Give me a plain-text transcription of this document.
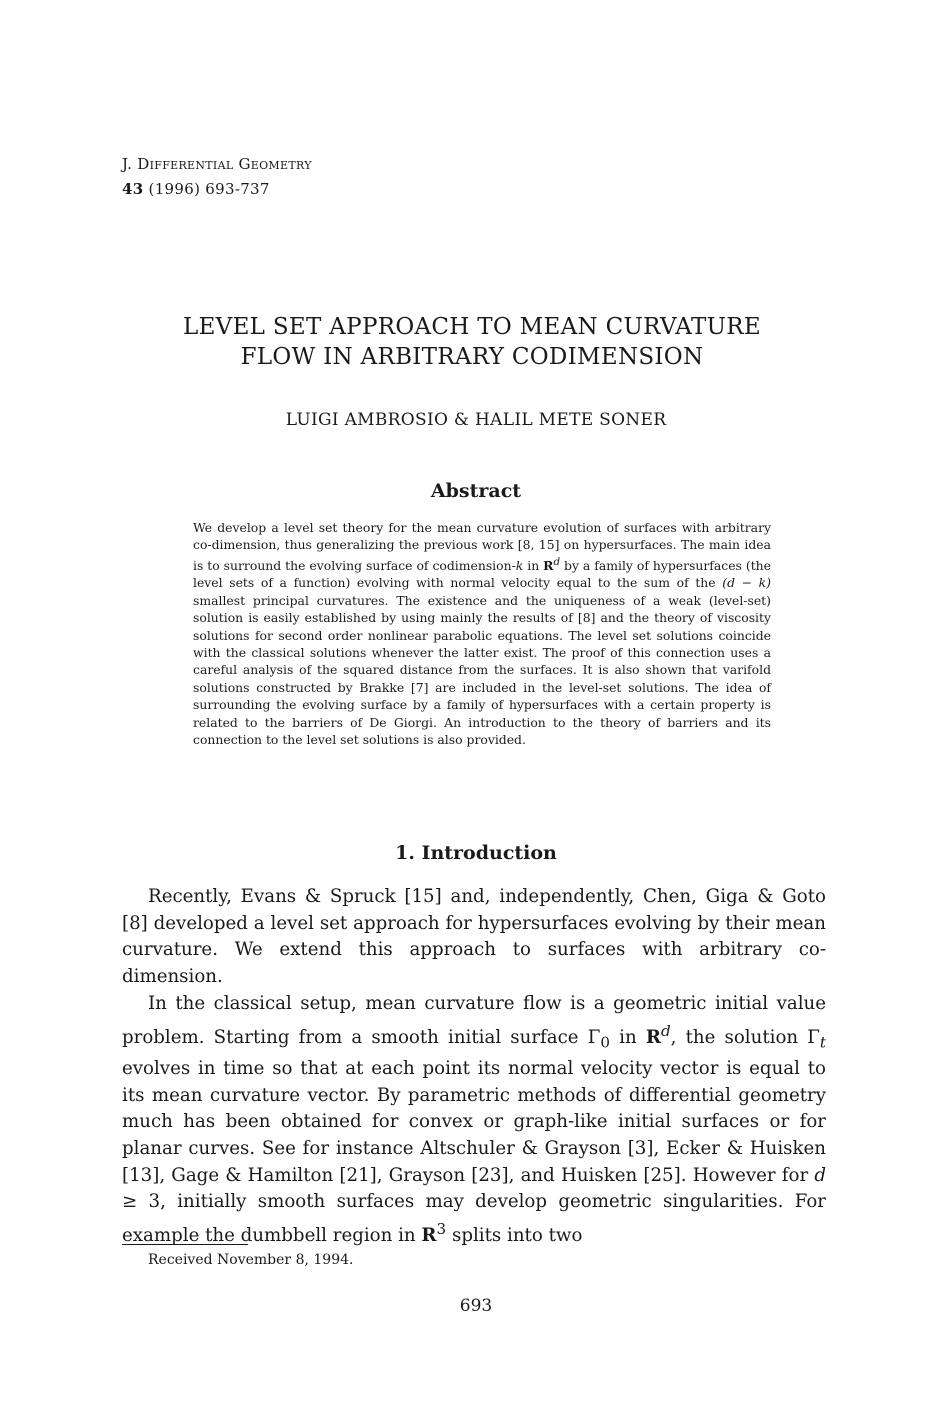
J. Differential Geometry
43 (1996) 693-737
LEVEL SET APPROACH TO MEAN CURVATURE
FLOW IN ARBITRARY CODIMENSION
LUIGI AMBROSIO & HALIL METE SONER
Abstract

We develop a level set theory for the mean curvature evolution of surfaces with arbitrary co-dimension, thus generalizing the previous work [8, 15] on hypersurfaces. The main idea is to surround the evolving surface of codimension-k in $R^d$ by a family of hypersurfaces (the level sets of a function) evolving with normal velocity equal to the sum of the (d − k) smallest principal curvatures. The existence and the uniqueness of a weak (level-set) solution is easily established by using mainly the results of [8] and the theory of viscosity solutions for second order nonlinear parabolic equations. The level set solutions coincide with the classical solutions whenever the latter exist. The proof of this connection uses a careful analysis of the squared distance from the surfaces. It is also shown that varifold solutions constructed by Brakke [7] are included in the level-set solutions. The idea of surrounding the evolving surface by a family of hypersurfaces with a certain property is related to the barriers of De Giorgi. An introduction to the theory of barriers and its connection to the level set solutions is also provided.

1. Introduction

Recently, Evans & Spruck [15] and, independently, Chen, Giga & Goto [8] developed a level set approach for hypersurfaces evolving by their mean curvature. We extend this approach to surfaces with arbitrary co-dimension.

In the classical setup, mean curvature flow is a geometric initial value problem. Starting from a smooth initial surface $\Gamma_0$ in $R^d$, the solution $\Gamma_t$ evolves in time so that at each point its normal velocity vector is equal to its mean curvature vector. By parametric methods of differential geometry much has been obtained for convex or graph-like initial surfaces or for planar curves. See for instance Altschuler & Grayson [3], Ecker & Huisken [13], Gage & Hamilton [21], Grayson [23], and Huisken [25]. However for d ≥ 3, initially smooth surfaces may develop geometric singularities. For example the dumbbell region in $R^3$ splits into two

Received November 8, 1994.
693
